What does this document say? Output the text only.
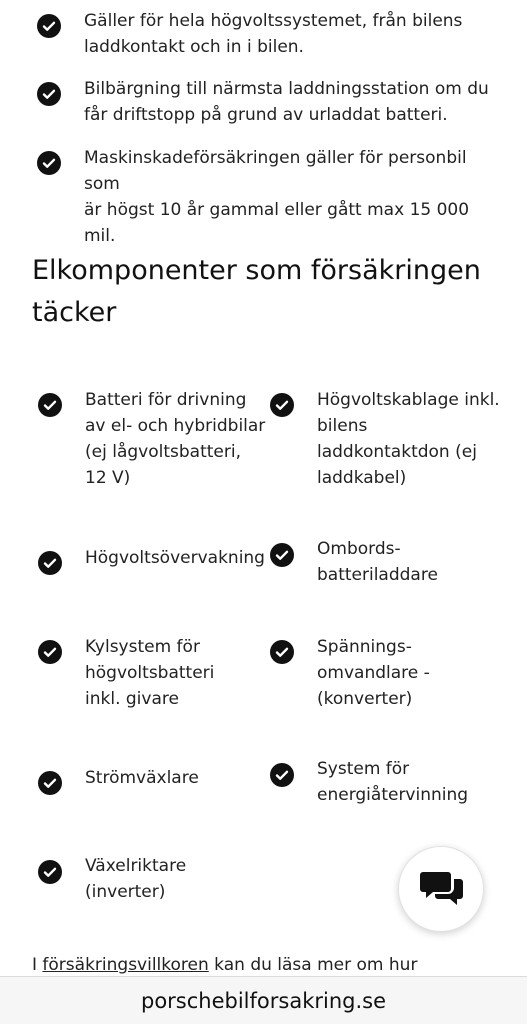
Gäller för hela högvoltssystemet, från bilens
laddkontakt och in i bilen.
Bilbärgning till närmsta laddningsstation om du
får driftstopp på grund av urladdat batteri.
Maskinskadeförsäkringen gäller för personbil som
är högst 10 år gammal eller gått max 15 000 mil.
Elkomponenter som försäkringen
täcker
Batteri för drivning
av el- och hybridbilar
(ej lågvoltsbatteri,
12 V)
Högvoltsövervakning
Kylsystem för
högvoltsbatteri
inkl. givare
Strömväxlare
Växelriktare
(inverter)
Högvoltskablage inkl.
bilens
laddkontaktdon (ej
laddkabel)
Ombords-
batteriladdare
Spännings-
omvandlare -
(konverter)
System för
energiåtervinning
I försäkringsvillkoren kan du läsa mer om hur
porschebilforsakring.se
